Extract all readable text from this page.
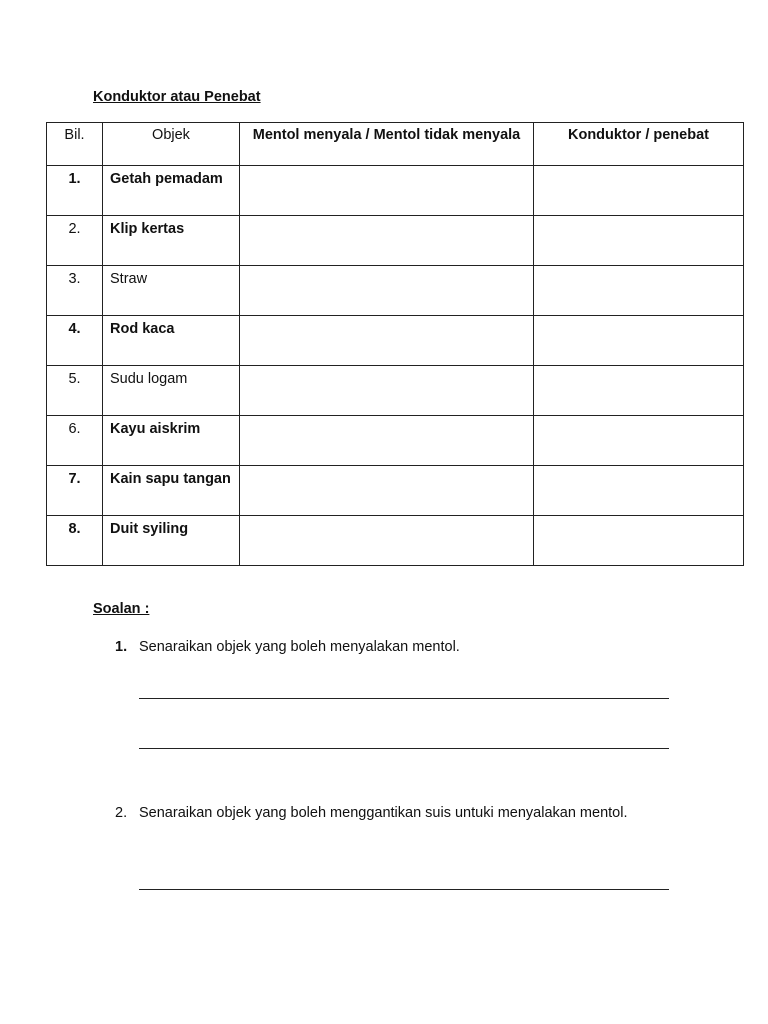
Konduktor atau Penebat
Bil.	Objek	Mentol menyala / Mentol tidak menyala	Konduktor / penebat
1.	Getah pemadam		
2.	Klip kertas		
3.	Straw		
4.	Rod kaca		
5.	Sudu logam		
6.	Kayu aiskrim		
7.	Kain sapu tangan		
8.	Duit syiling		
Soalan :
1. Senaraikan objek yang boleh menyalakan mentol.
2. Senaraikan objek yang boleh menggantikan suis untuki menyalakan mentol.
